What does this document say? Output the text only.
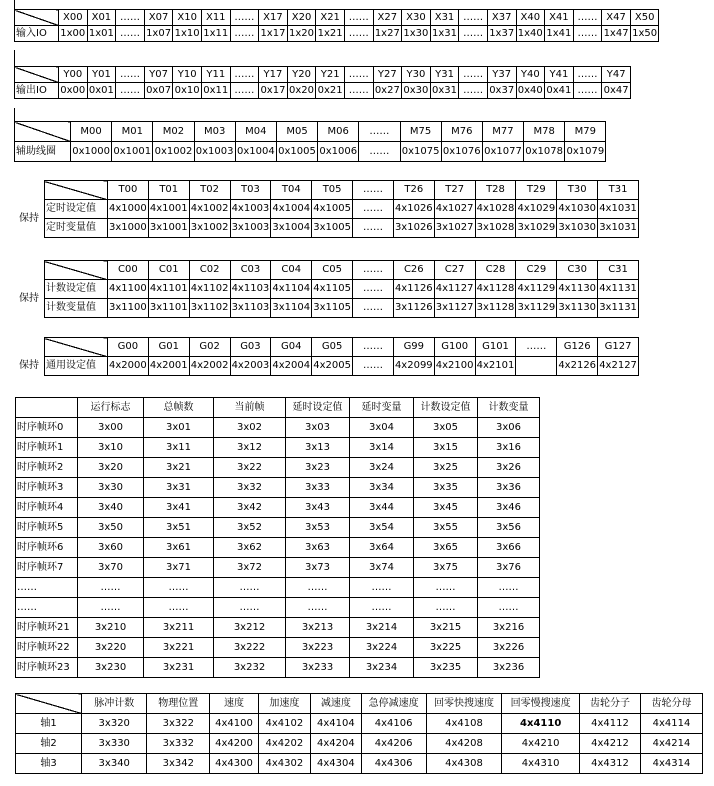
	X00	X01	……	X07	X10	X11	……	X17	X20	X21	……	X27	X30	X31	……	X37	X40	X41	……	X47	X50
输入IO	1x00	1x01	……	1x07	1x10	1x11	……	1x17	1x20	1x21	……	1x27	1x30	1x31	……	1x37	1x40	1x41	……	1x47	1x50
	Y00	Y01	……	Y07	Y10	Y11	……	Y17	Y20	Y21	……	Y27	Y30	Y31	……	Y37	Y40	Y41	……	Y47
输出IO	0x00	0x01	……	0x07	0x10	0x11	……	0x17	0x20	0x21	……	0x27	0x30	0x31	……	0x37	0x40	0x41	……	0x47
	M00	M01	M02	M03	M04	M05	M06	……	M75	M76	M77	M78	M79
辅助线圈	0x1000	0x1001	0x1002	0x1003	0x1004	0x1005	0x1006	……	0x1075	0x1076	0x1077	0x1078	0x1079
		T00	T01	T02	T03	T04	T05	……	T26	T27	T28	T29	T30	T31
保持	定时设定值	4x1000	4x1001	4x1002	4x1003	4x1004	4x1005	……	4x1026	4x1027	4x1028	4x1029	4x1030	4x1031
	定时变量值	3x1000	3x1001	3x1002	3x1003	3x1004	3x1005	……	3x1026	3x1027	3x1028	3x1029	3x1030	3x1031
		C00	C01	C02	C03	C04	C05	……	C26	C27	C28	C29	C30	C31
保持	计数设定值	4x1100	4x1101	4x1102	4x1103	4x1104	4x1105	……	4x1126	4x1127	4x1128	4x1129	4x1130	4x1131
	计数变量值	3x1100	3x1101	3x1102	3x1103	3x1104	3x1105	……	3x1126	3x1127	3x1128	3x1129	3x1130	3x1131
		G00	G01	G02	G03	G04	G05	……	G99	G100	G101	……	G126	G127
保持	通用设定值	4x2000	4x2001	4x2002	4x2003	4x2004	4x2005	……	4x2099	4x2100	4x2101		4x2126	4x2127
	运行标志	总帧数	当前帧	延时设定值	延时变量	计数设定值	计数变量
时序帧环0	3x00	3x01	3x02	3x03	3x04	3x05	3x06
时序帧环1	3x10	3x11	3x12	3x13	3x14	3x15	3x16
时序帧环2	3x20	3x21	3x22	3x23	3x24	3x25	3x26
时序帧环3	3x30	3x31	3x32	3x33	3x34	3x35	3x36
时序帧环4	3x40	3x41	3x42	3x43	3x44	3x45	3x46
时序帧环5	3x50	3x51	3x52	3x53	3x54	3x55	3x56
时序帧环6	3x60	3x61	3x62	3x63	3x64	3x65	3x66
时序帧环7	3x70	3x71	3x72	3x73	3x74	3x75	3x76
……	……	……	……	……	……	……	……
……	……	……	……	……	……	……	……
时序帧环21	3x210	3x211	3x212	3x213	3x214	3x215	3x216
时序帧环22	3x220	3x221	3x222	3x223	3x224	3x225	3x226
时序帧环23	3x230	3x231	3x232	3x233	3x234	3x235	3x236
	脉冲计数	物理位置	速度	加速度	减速度	急停减速度	回零快搜速度	回零慢搜速度	齿轮分子	齿轮分母
轴1	3x320	3x322	4x4100	4x4102	4x4104	4x4106	4x4108	4x4110	4x4112	4x4114
轴2	3x330	3x332	4x4200	4x4202	4x4204	4x4206	4x4208	4x4210	4x4212	4x4214
轴3	3x340	3x342	4x4300	4x4302	4x4304	4x4306	4x4308	4x4310	4x4312	4x4314
